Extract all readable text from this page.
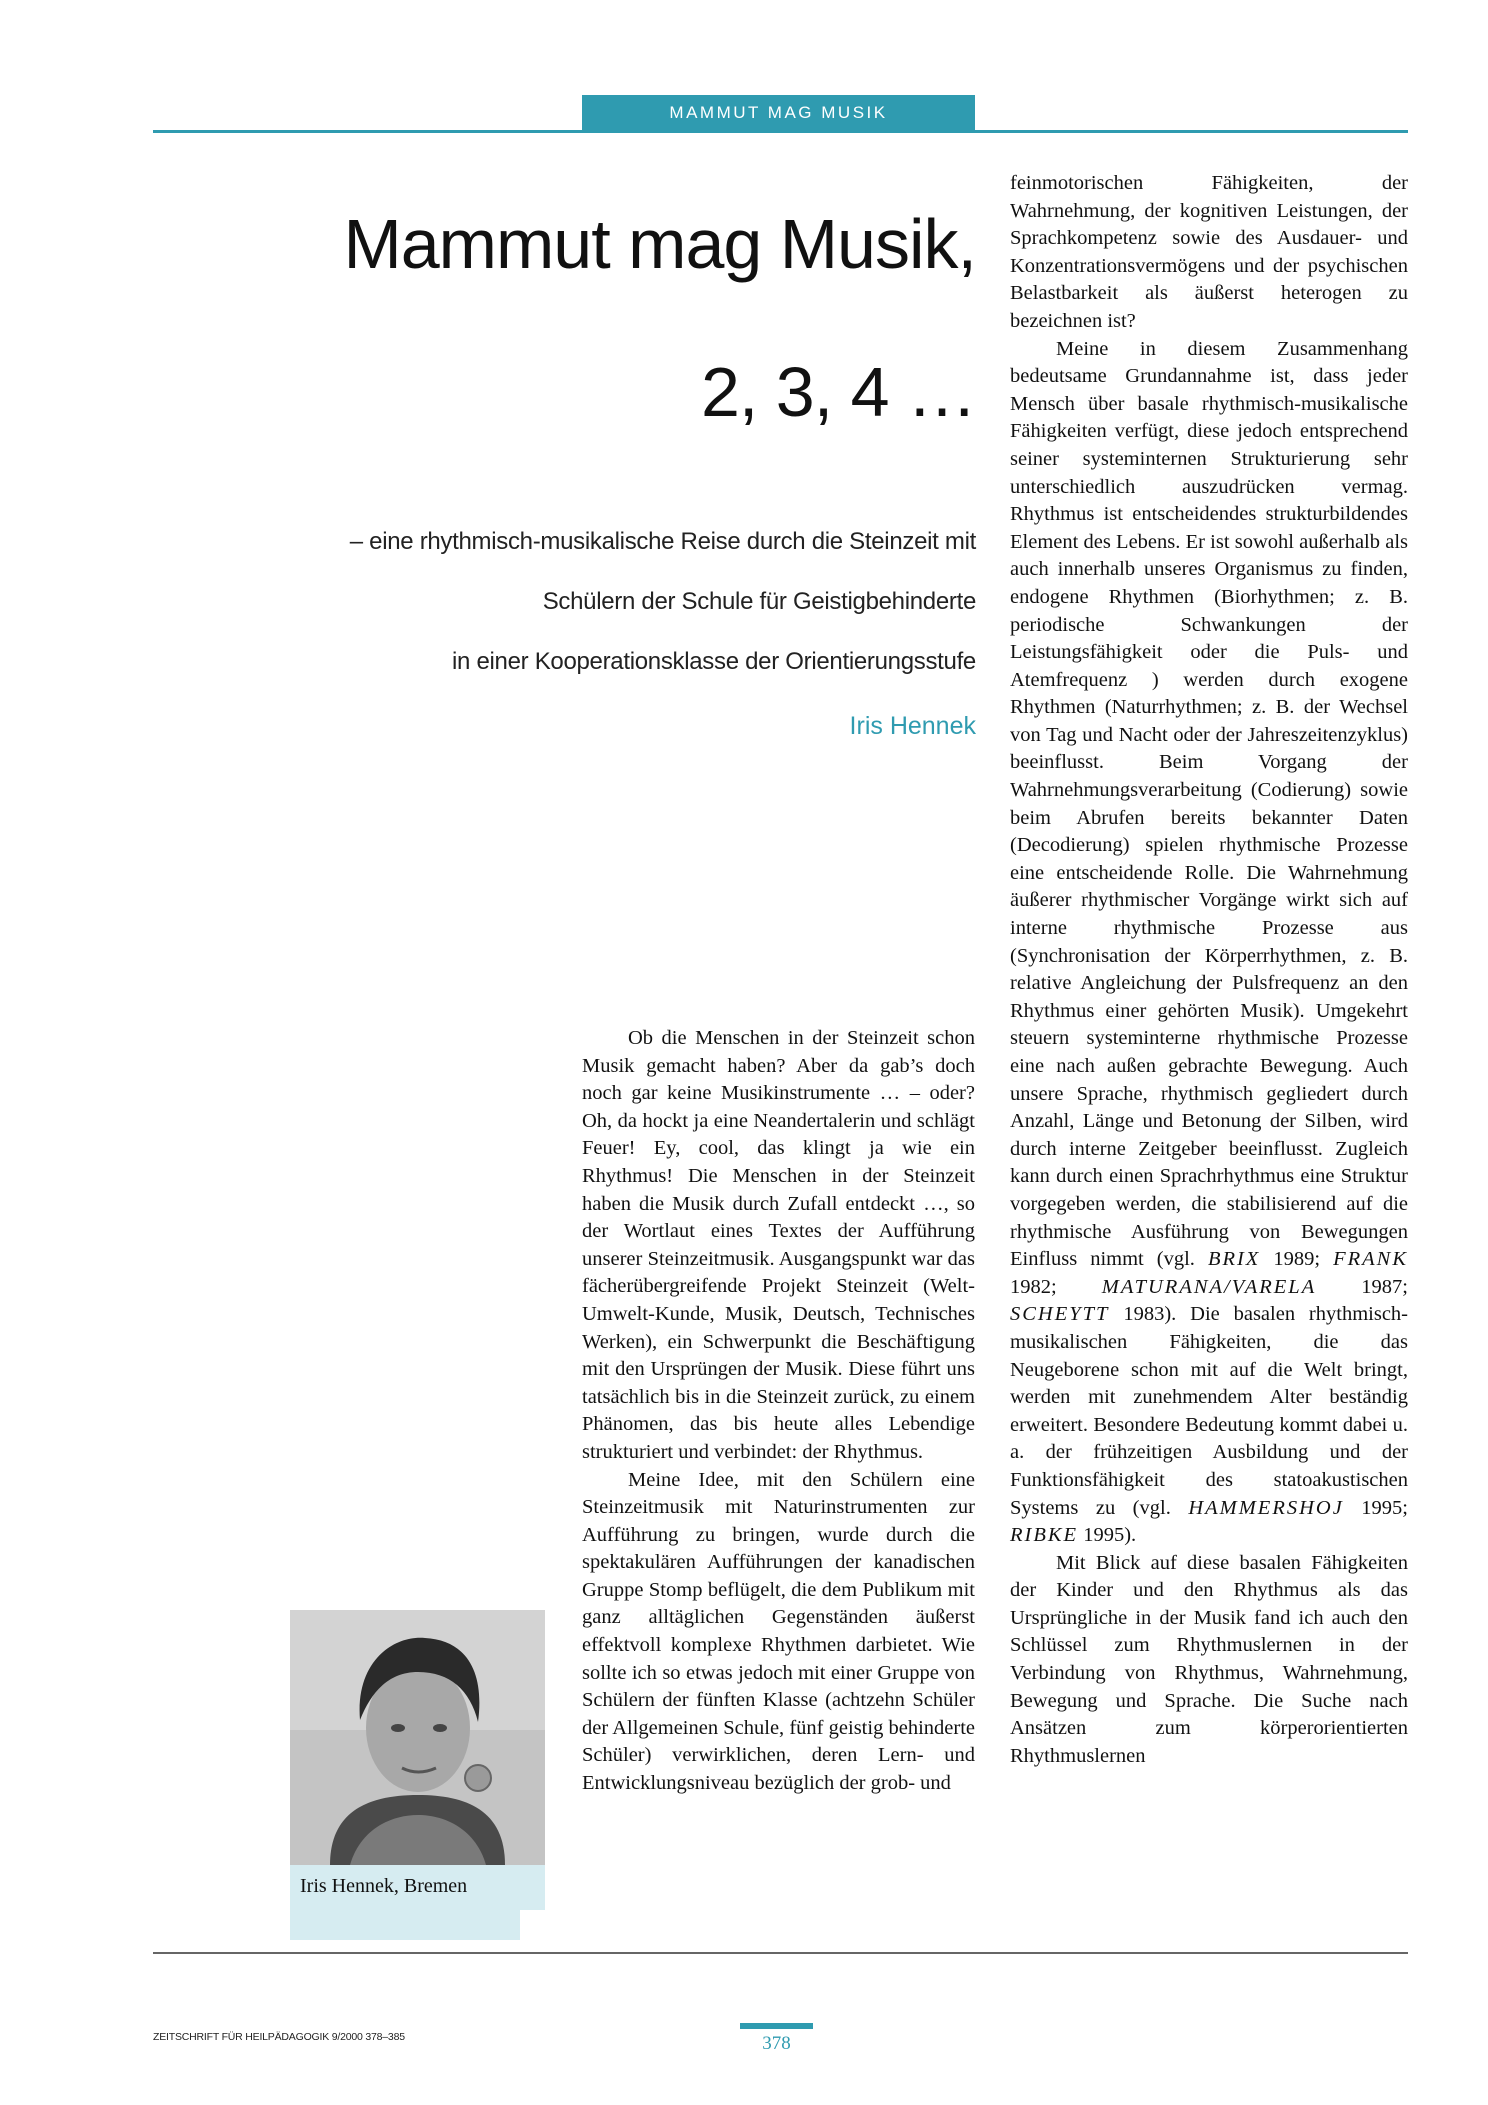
MAMMUT MAG MUSIK
Mammut mag Musik,
2, 3, 4 …
– eine rhythmisch-musikalische Reise durch die Steinzeit mit
Schülern der Schule für Geistigbehinderte
in einer Kooperationsklasse der Orientierungsstufe
Iris Hennek
Iris Hennek, Bremen

Ob die Menschen in der Steinzeit schon Musik gemacht haben? Aber da gab’s doch noch gar keine Musikinstrumente … – oder? Oh, da hockt ja eine Neandertalerin und schlägt Feuer! Ey, cool, das klingt ja wie ein Rhythmus! Die Menschen in der Steinzeit haben die Musik durch Zufall entdeckt …, so der Wortlaut eines Textes der Aufführung unserer Steinzeitmusik. Ausgangspunkt war das fächerübergreifende Projekt Steinzeit (Welt-Umwelt-Kunde, Musik, Deutsch, Technisches Werken), ein Schwerpunkt die Beschäftigung mit den Ursprüngen der Musik. Diese führt uns tatsächlich bis in die Steinzeit zurück, zu einem Phänomen, das bis heute alles Lebendige strukturiert und verbindet: der Rhythmus.

Meine Idee, mit den Schülern eine Steinzeitmusik mit Naturinstrumenten zur Aufführung zu bringen, wurde durch die spektakulären Aufführungen der kanadischen Gruppe Stomp beflügelt, die dem Publikum mit ganz alltäglichen Gegenständen äußerst effektvoll komplexe Rhythmen darbietet. Wie sollte ich so etwas jedoch mit einer Gruppe von Schülern der fünften Klasse (achtzehn Schüler der Allgemeinen Schule, fünf geistig behinderte Schüler) verwirklichen, deren Lern- und Entwicklungsniveau bezüglich der grob- und

feinmotorischen Fähigkeiten, der Wahrnehmung, der kognitiven Leistungen, der Sprachkompetenz sowie des Ausdauer- und Konzentrationsvermögens und der psychischen Belastbarkeit als äußerst heterogen zu bezeichnen ist?

Meine in diesem Zusammenhang bedeutsame Grundannahme ist, dass jeder Mensch über basale rhythmisch-musikalische Fähigkeiten verfügt, diese jedoch entsprechend seiner systeminternen Strukturierung sehr unterschiedlich auszudrücken vermag. Rhythmus ist entscheidendes strukturbildendes Element des Lebens. Er ist sowohl außerhalb als auch innerhalb unseres Organismus zu finden, endogene Rhythmen (Biorhythmen; z. B. periodische Schwankungen der Leistungsfähigkeit oder die Puls- und Atemfrequenz ) werden durch exogene Rhythmen (Naturrhythmen; z. B. der Wechsel von Tag und Nacht oder der Jahreszeitenzyklus) beeinflusst. Beim Vorgang der Wahrnehmungsverarbeitung (Codierung) sowie beim Abrufen bereits bekannter Daten (Decodierung) spielen rhythmische Prozesse eine entscheidende Rolle. Die Wahrnehmung äußerer rhythmischer Vorgänge wirkt sich auf interne rhythmische Prozesse aus (Synchronisation der Körperrhythmen, z. B. relative Angleichung der Pulsfrequenz an den Rhythmus einer gehörten Musik). Umgekehrt steuern systeminterne rhythmische Prozesse eine nach außen gebrachte Bewegung. Auch unsere Sprache, rhythmisch gegliedert durch Anzahl, Länge und Betonung der Silben, wird durch interne Zeitgeber beeinflusst. Zugleich kann durch einen Sprachrhythmus eine Struktur vorgegeben werden, die stabilisierend auf die rhythmische Ausführung von Bewegungen Einfluss nimmt (vgl. BRIX 1989; FRANK 1982; MATURANA/VARELA 1987; SCHEYTT 1983). Die basalen rhythmisch-musikalischen Fähigkeiten, die das Neugeborene schon mit auf die Welt bringt, werden mit zunehmendem Alter beständig erweitert. Besondere Bedeutung kommt dabei u. a. der frühzeitigen Ausbildung und der Funktionsfähigkeit des statoakustischen Systems zu (vgl. HAMMERSHOJ 1995; RIBKE 1995).

Mit Blick auf diese basalen Fähigkeiten der Kinder und den Rhythmus als das Ursprüngliche in der Musik fand ich auch den Schlüssel zum Rhythmuslernen in der Verbindung von Rhythmus, Wahrnehmung, Bewegung und Sprache. Die Suche nach Ansätzen zum körperorientierten Rhythmuslernen

ZEITSCHRIFT FÜR HEILPÄDAGOGIK 9/2000 378–385	378
